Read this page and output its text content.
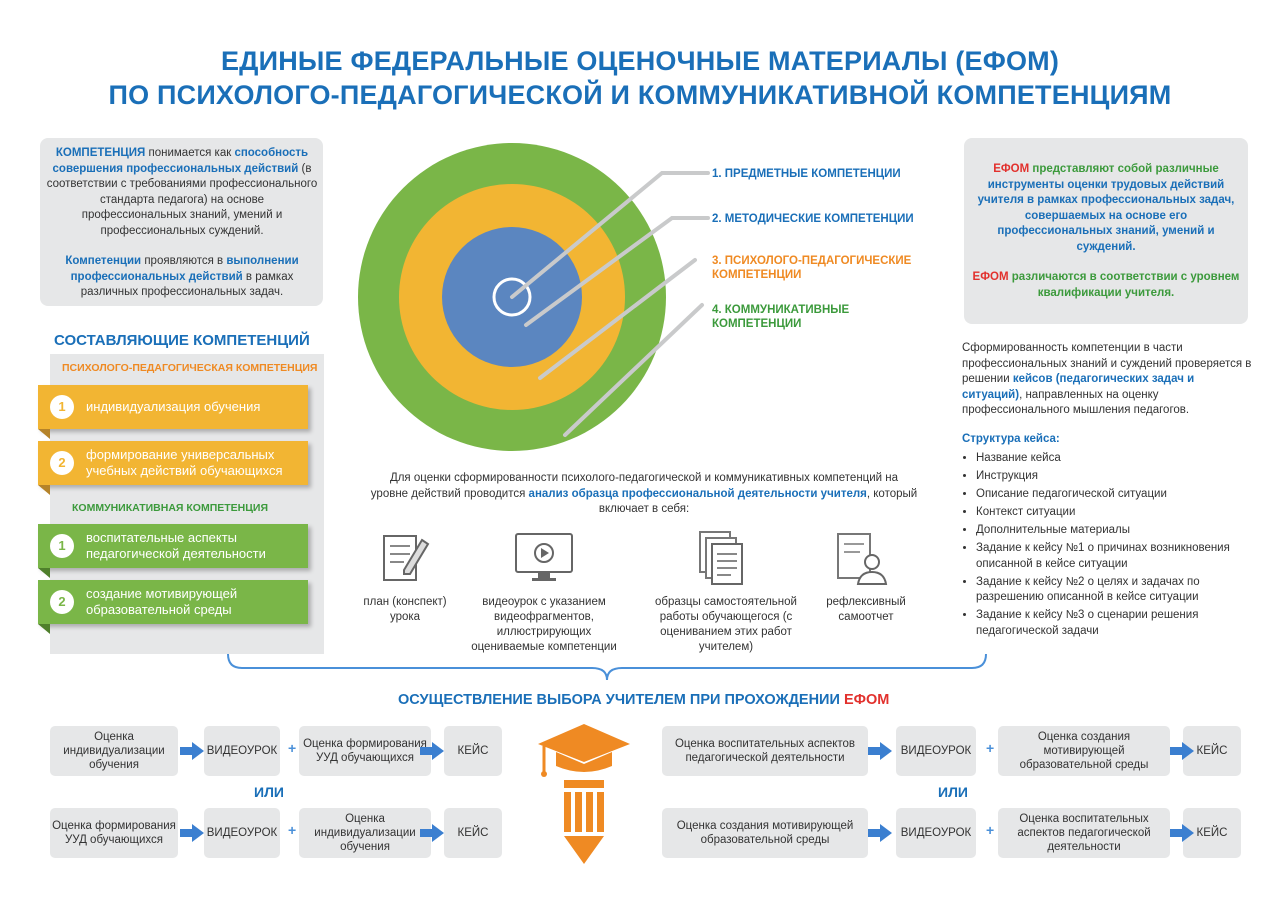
ЕДИНЫЕ ФЕДЕРАЛЬНЫЕ ОЦЕНОЧНЫЕ МАТЕРИАЛЫ (ЕФОМ)
ПО ПСИХОЛОГО-ПЕДАГОГИЧЕСКОЙ И КОММУНИКАТИВНОЙ КОМПЕТЕНЦИЯМ
КОМПЕТЕНЦИЯ понимается как способность совершения профессиональных действий (в соответствии с требованиями профессионального стандарта педагога) на основе профессиональных знаний, умений и профессиональных суждений.
Компетенции проявляются в выполнении профессиональных действий в рамках различных профессиональных задач.
СОСТАВЛЯЮЩИЕ КОМПЕТЕНЦИЙ
ПСИХОЛОГО-ПЕДАГОГИЧЕСКАЯ КОМПЕТЕНЦИЯ
1	индивидуализация обучения
2
формирование универсальных учебных действий обучающихся
КОММУНИКАТИВНАЯ КОМПЕТЕНЦИЯ
1
воспитательные аспекты педагогической деятельности
2
создание мотивирующей образовательной среды
1. ПРЕДМЕТНЫЕ КОМПЕТЕНЦИИ
2. МЕТОДИЧЕСКИЕ КОМПЕТЕНЦИИ
3. ПСИХОЛОГО-ПЕДАГОГИЧЕСКИЕ КОМПЕТЕНЦИИ
4. КОММУНИКАТИВНЫЕ КОМПЕТЕНЦИИ
Для оценки сформированности психолого-педагогической и коммуникативных компетенций на уровне действий проводится анализ образца профессиональной деятельности учителя, который включает в себя:
план (конспект) урока
видеоурок с указанием видеофрагментов, иллюстрирующих оцениваемые компетенции
образцы самостоятельной работы обучающегося (с оцениванием этих работ учителем)
рефлексивный самоотчет
ЕФОМ представляют собой различные инструменты оценки трудовых действий учителя в рамках профессиональных задач, совершаемых на основе его профессиональных знаний, умений и суждений.
ЕФОМ различаются в соответствии с уровнем квалификации учителя.
Сформированность компетенции в части профессиональных знаний и суждений проверяется в решении кейсов (педагогических задач и ситуаций), направленных на оценку профессионального мышления педагогов.
Структура кейса:
• Название кейса
• Инструкция
• Описание педагогической ситуации
• Контекст ситуации
• Дополнительные материалы
• Задание к кейсу №1 о причинах возникновения описанной в кейсе ситуации
• Задание к кейсу №2 о целях и задачах по разрешению описанной в кейсе ситуации
• Задание к кейсу №3 о сценарии решения педагогической задачи
ОСУЩЕСТВЛЕНИЕ ВЫБОРА УЧИТЕЛЕМ ПРИ ПРОХОЖДЕНИИ ЕФОМ
Оценка индивидуализации обучения
ВИДЕОУРОК
Оценка формирования УУД обучающихся
КЕЙС
+
Оценка формирования УУД обучающихся
ВИДЕОУРОК
Оценка индивидуализации обучения
КЕЙС
+
Оценка воспитательных аспектов педагогической деятельности
ВИДЕОУРОК
Оценка создания мотивирующей образовательной среды
КЕЙС
+
Оценка создания мотивирующей образовательной среды
ВИДЕОУРОК
Оценка воспитательных аспектов педагогической деятельности
КЕЙС
+
ИЛИ	ИЛИ
